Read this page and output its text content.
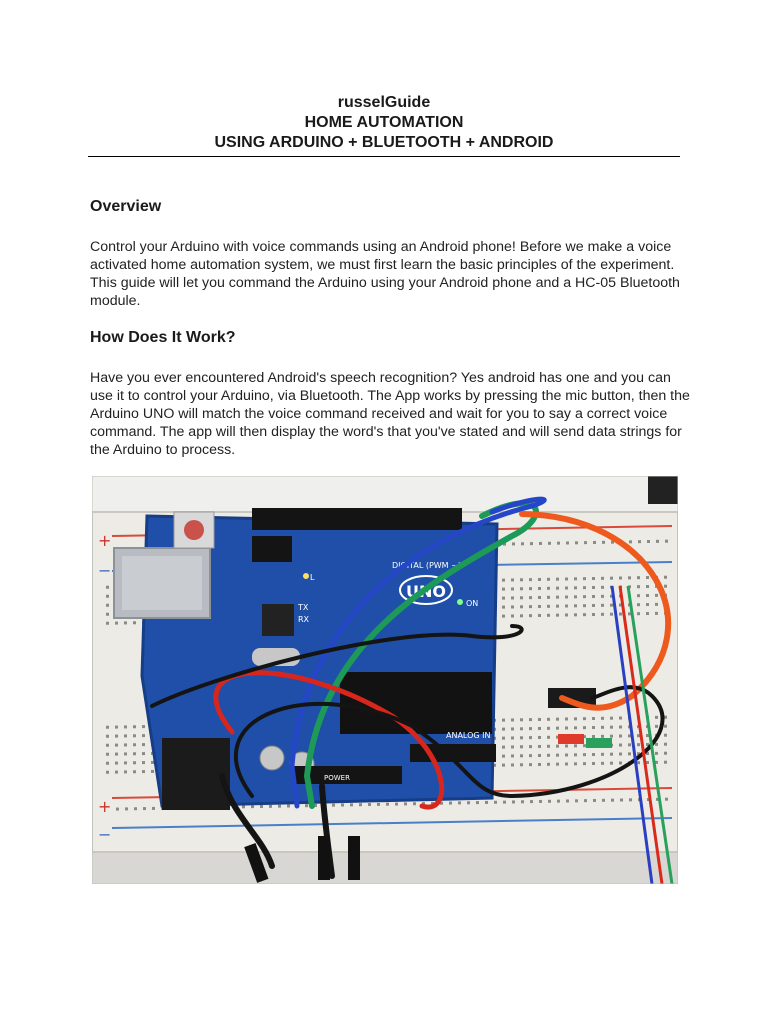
russelGuide
HOME AUTOMATION
USING ARDUINO + BLUETOOTH + ANDROID
Overview

Control your Arduino with voice commands using an Android phone! Before we make a voice activated home automation system, we must first learn the basic principles of the experiment. This guide will let you command the Arduino using your Android phone and a HC-05 Bluetooth module.

How Does It Work?

Have you ever encountered Android's speech recognition? Yes android has one and you can use it to control your Arduino, via Bluetooth. The App works by pressing the mic button, then the Arduino UNO will match the voice command received and wait for you to say a correct voice command. The app will then display the word's that you've stated and will send data strings for the Arduino to process.

+
−
+
−
UNO
DIGITAL (PWM ~)
ANALOG IN
POWER
TX
RX
L
ON
